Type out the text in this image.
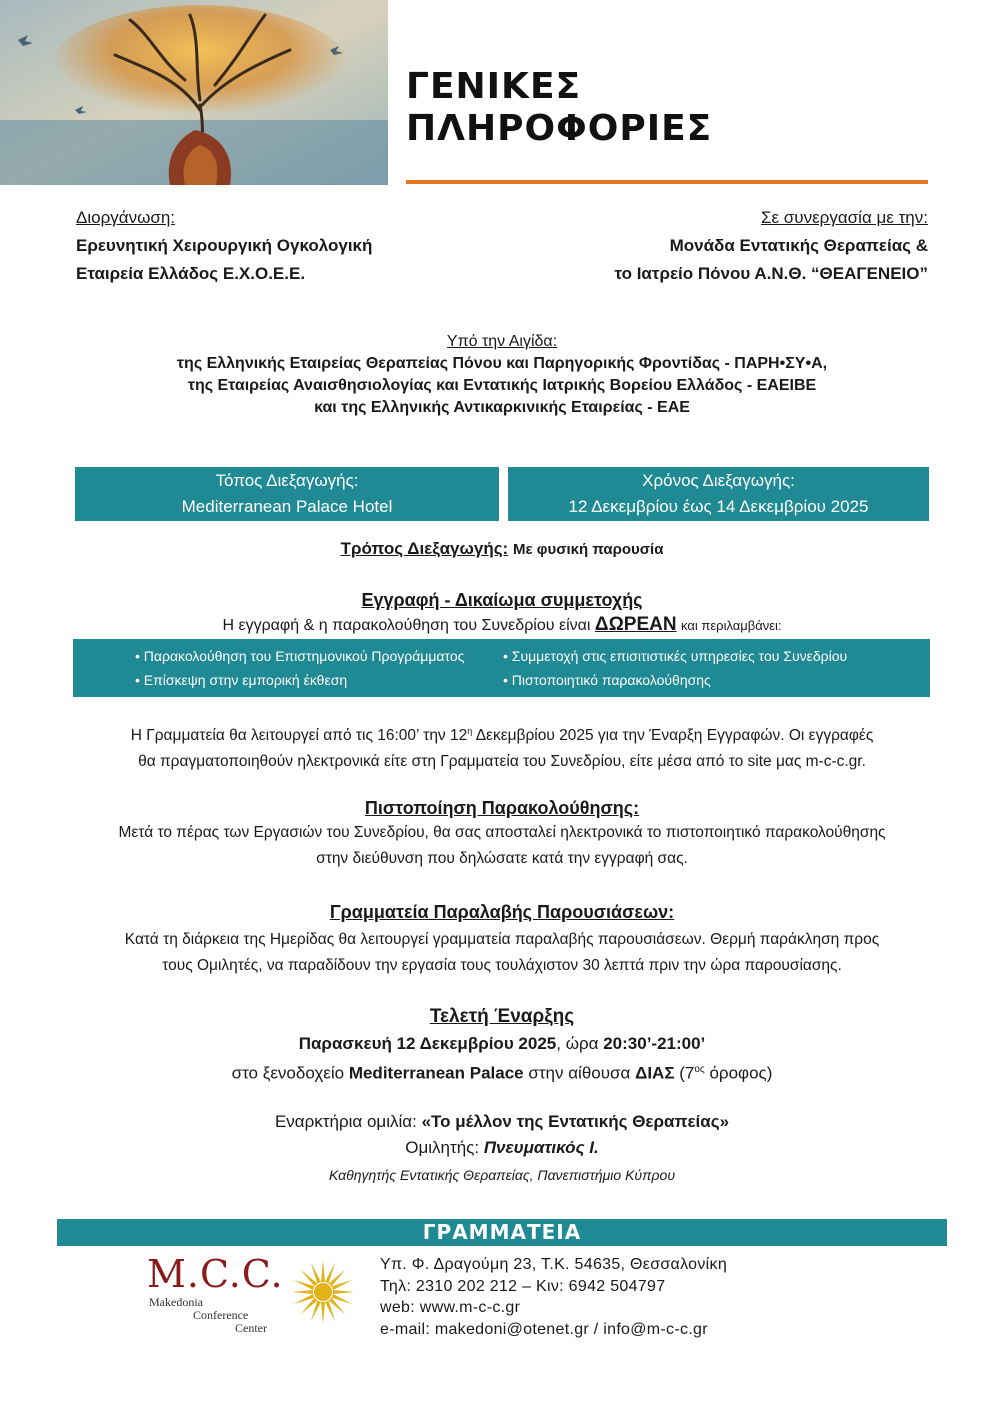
ΓΕΝΙΚΕΣ
ΠΛΗΡΟΦΟΡΙΕΣ
Διοργάνωση:
Ερευνητική Χειρουργική Ογκολογική
Εταιρεία Ελλάδος Ε.Χ.Ο.Ε.Ε.
Σε συνεργασία με την:
Μονάδα Εντατικής Θεραπείας &
το Ιατρείο Πόνου Α.Ν.Θ. “ΘΕΑΓΕΝΕΙΟ”
Υπό την Αιγίδα:
της Ελληνικής Εταιρείας Θεραπείας Πόνου και Παρηγορικής Φροντίδας - ΠΑΡΗ•ΣΥ•Α,
της Εταιρείας Αναισθησιολογίας και Εντατικής Ιατρικής Βορείου Ελλάδος - ΕΑΕΙΒΕ
και της Ελληνικής Αντικαρκινικής Εταιρείας - ΕΑΕ
Τόπος Διεξαγωγής:
Mediterranean Palace Hotel
Χρόνος Διεξαγωγής:
12 Δεκεμβρίου έως 14 Δεκεμβρίου 2025
Τρόπος Διεξαγωγής: Με φυσική παρουσία
Εγγραφή - Δικαίωμα συμμετοχής
Η εγγραφή & η παρακολούθηση του Συνεδρίου είναι ΔΩΡΕΑΝ και περιλαμβάνει:
• Παρακολούθηση του Επιστημονικού Προγράμματος	• Συμμετοχή στις επισιτιστικές υπηρεσίες του Συνεδρίου
• Επίσκεψη στην εμπορική έκθεση	• Πιστοποιητικό παρακολούθησης
Η Γραμματεία θα λειτουργεί από τις 16:00’ την $12^\eta$ Δεκεμβρίου 2025 για την Έναρξη Εγγραφών. Οι εγγραφές
θα πραγματοποιηθούν ηλεκτρονικά είτε στη Γραμματεία του Συνεδρίου, είτε μέσα από το site μας m-c-c.gr.
Πιστοποίηση Παρακολούθησης:
Μετά το πέρας των Εργασιών του Συνεδρίου, θα σας αποσταλεί ηλεκτρονικά το πιστοποιητικό παρακολούθησης
στην διεύθυνση που δηλώσατε κατά την εγγραφή σας.
Γραμματεία Παραλαβής Παρουσιάσεων:
Κατά τη διάρκεια της Ημερίδας θα λειτουργεί γραμματεία παραλαβής παρουσιάσεων. Θερμή παράκληση προς
τους Ομιλητές, να παραδίδουν την εργασία τους τουλάχιστον 30 λεπτά πριν την ώρα παρουσίασης.
Τελετή Έναρξης
Παρασκευή 12 Δεκεμβρίου 2025, ώρα 20:30’-21:00’
στο ξενοδοχείο Mediterranean Palace στην αίθουσα ΔΙΑΣ ($7^{o\varsigma}$ όροφος)
Εναρκτήρια ομιλία: «Το μέλλον της Εντατικής Θεραπείας»
Ομιλητής: Πνευματικός Ι.
Καθηγητής Εντατικής Θεραπείας, Πανεπιστήμιο Κύπρου
ΓΡΑΜΜΑΤΕΙΑ
M.C.C.
Makedonia
Conference
Center
Υπ. Φ. Δραγούμη 23, Τ.Κ. 54635, Θεσσαλονίκη
Τηλ: 2310 202 212 – Κιν: 6942 504797
web: www.m-c-c.gr
e-mail: makedoni@otenet.gr / info@m-c-c.gr
